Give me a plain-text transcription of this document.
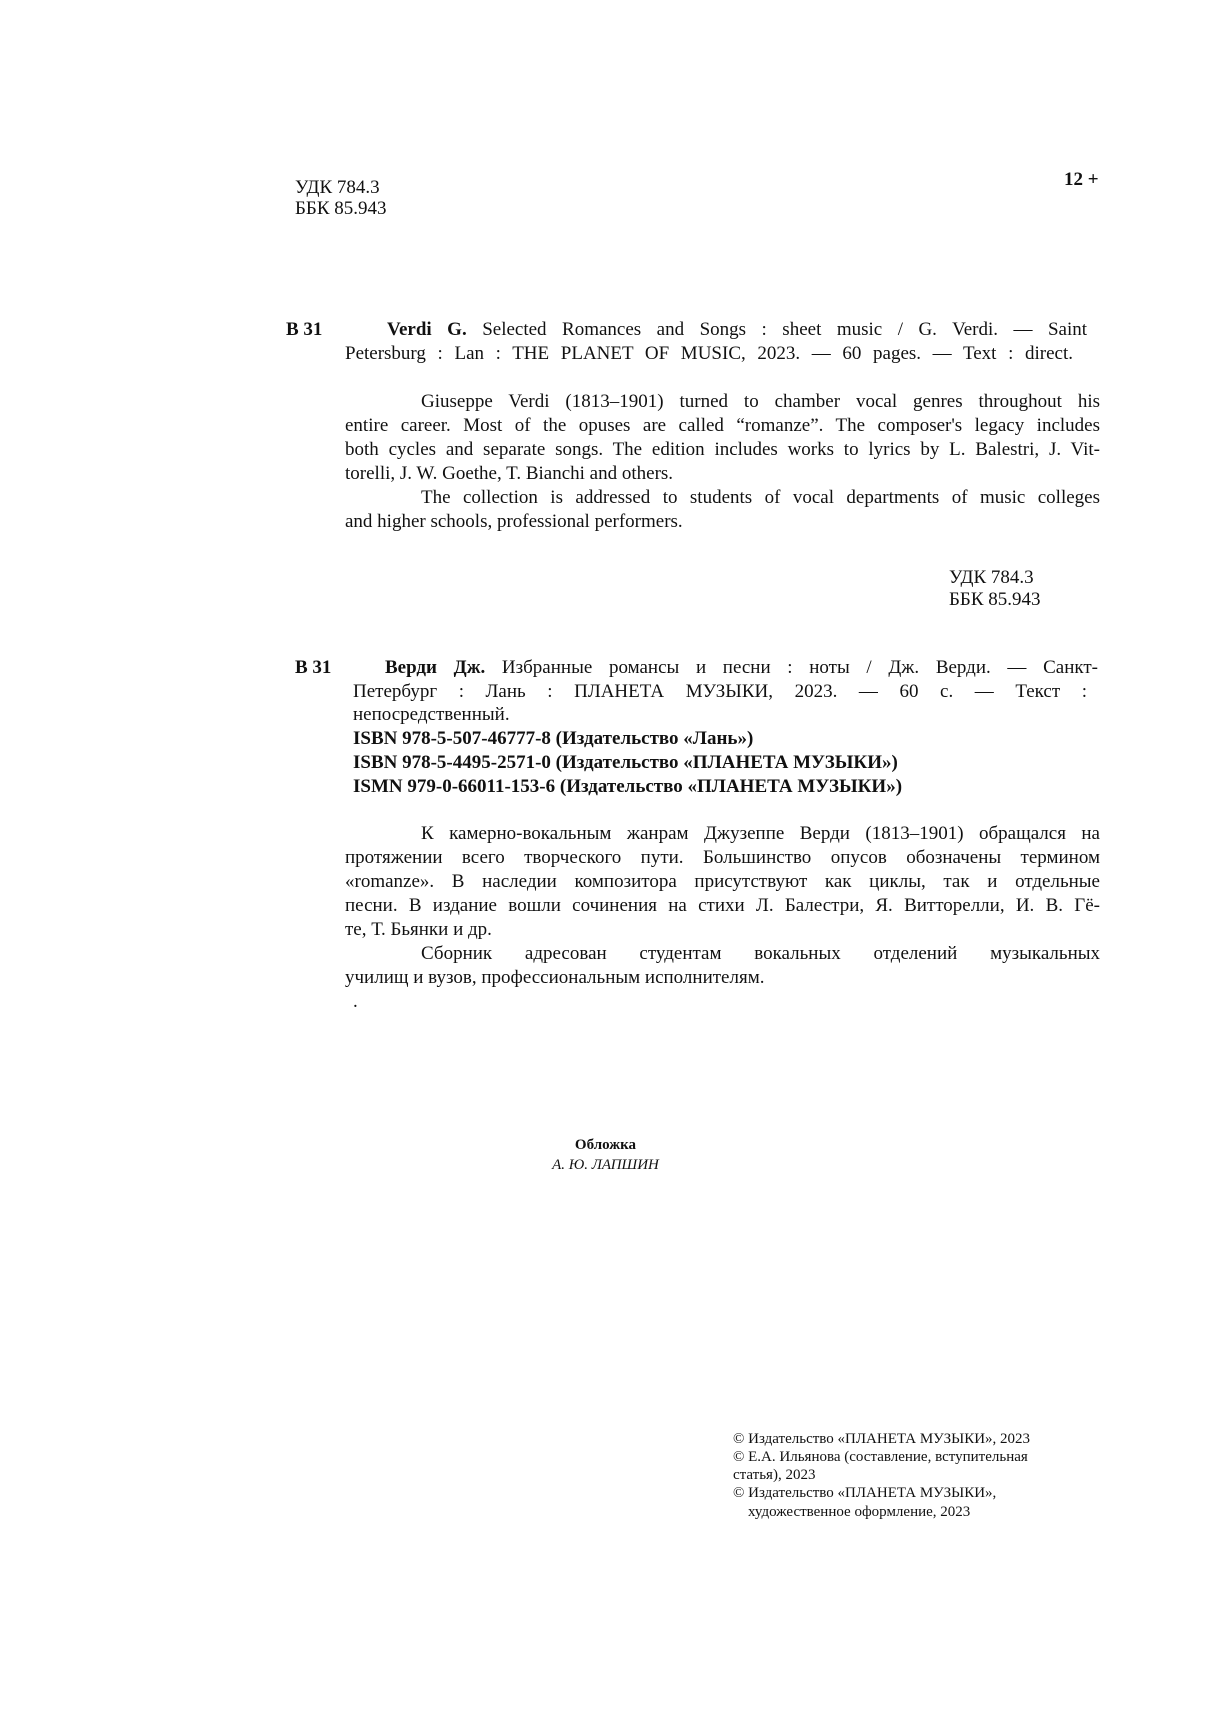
УДК 784.3
ББК 85.943
12 +
В 31	Verdi G. Selected Romances and Songs : sheet music / G. Verdi. — Saint
Petersburg : Lan : THE PLANET OF MUSIC, 2023. — 60 pages. — Text : direct.
Giuseppe Verdi (1813–1901) turned to chamber vocal genres throughout his
entire career. Most of the opuses are called “romanze”. The composer's legacy includes
both cycles and separate songs. The edition includes works to lyrics by L. Balestri, J. Vit-
torelli, J. W. Goethe, T. Bianchi and others.
The collection is addressed to students of vocal departments of music colleges
and higher schools, professional performers.
УДК 784.3
ББК 85.943
В 31	Верди Дж. Избранные романсы и песни : ноты / Дж. Верди. — Санкт-
Петербург : Лань : ПЛАНЕТА МУЗЫКИ, 2023. — 60 с. — Текст :
непосредственный.
ISBN 978-5-507-46777-8 (Издательство «Лань»)
ISBN 978-5-4495-2571-0 (Издательство «ПЛАНЕТА МУЗЫКИ»)
ISMN 979-0-66011-153-6 (Издательство «ПЛАНЕТА МУЗЫКИ»)
К камерно-вокальным жанрам Джузеппе Верди (1813–1901) обращался на
протяжении всего творческого пути. Большинство опусов обозначены термином
«romanze». В наследии композитора присутствуют как циклы, так и отдельные
песни. В издание вошли сочинения на стихи Л. Балестри, Я. Витторелли, И. В. Гё-
те, Т. Бьянки и др.
Сборник адресован студентам вокальных отделений музыкальных
училищ и вузов, профессиональным исполнителям.
.
Обложка
А. Ю. ЛАПШИН
© Издательство «ПЛАНЕТА МУЗЫКИ», 2023
© Е.А. Ильянова (составление, вступительная
статья), 2023
© Издательство «ПЛАНЕТА МУЗЫКИ»,
художественное оформление, 2023
